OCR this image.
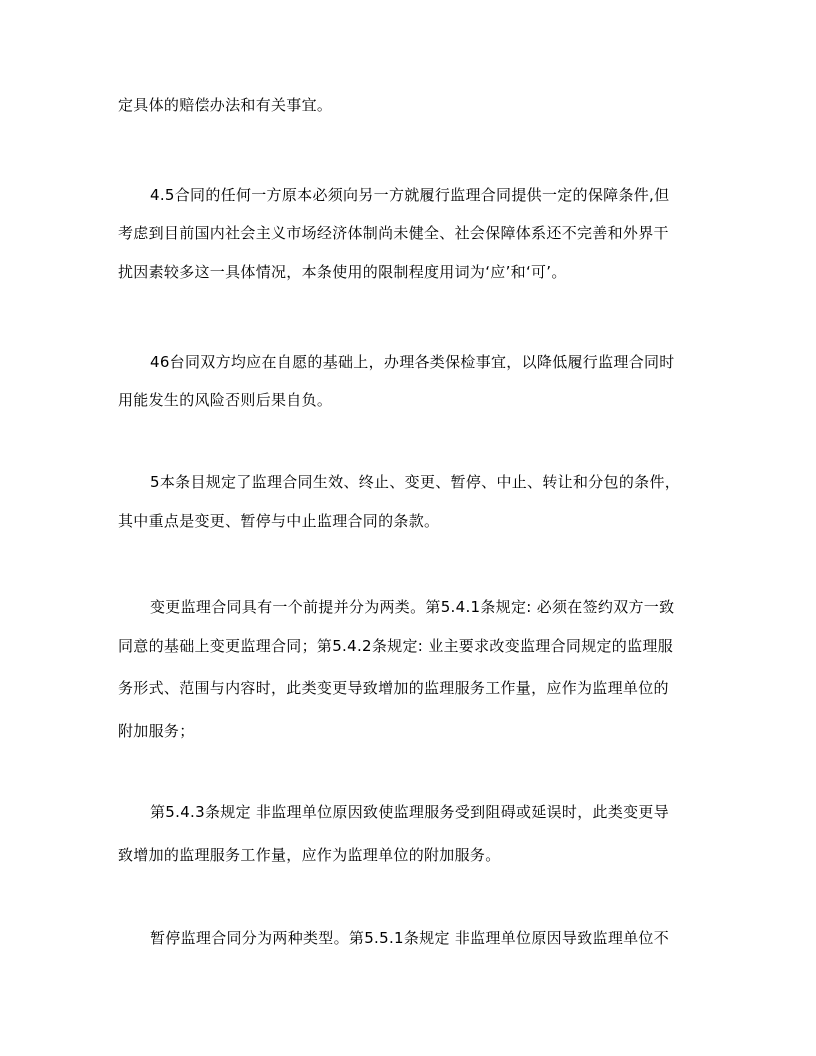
定具体的赔偿办法和有关事宜。
4.5合同的任何一方原本必须向另一方就履行监理合同提供一定的保障条件,但
考虑到目前国内社会主义市场经济体制尚未健全、社会保障体系还不完善和外界干
扰因素较多这一具体情况，本条使用的限制程度用词为‘应’和‘可’。
46台同双方均应在自愿的基础上，办理各类保检事宜，以降低履行监理合同时
用能发生的风险否则后果自负。
5本条目规定了监理合同生效、终止、变更、暂停、中止、转让和分包的条件，
其中重点是变更、暂停与中止监理合同的条款。
变更监理合同具有一个前提并分为两类。第5.4.1条规定: 必须在签约双方一致
同意的基础上变更监理合同；第5.4.2条规定: 业主要求改变监理合同规定的监理服
务形式、范围与内容时，此类变更导致增加的监理服务工作量，应作为监理单位的
附加服务；
第5.4.3条规定 非监理单位原因致使监理服务受到阻碍或延误时，此类变更导
致增加的监理服务工作量，应作为监理单位的附加服务。
暂停监理合同分为两种类型。第5.5.1条规定 非监理单位原因导致监理单位不
